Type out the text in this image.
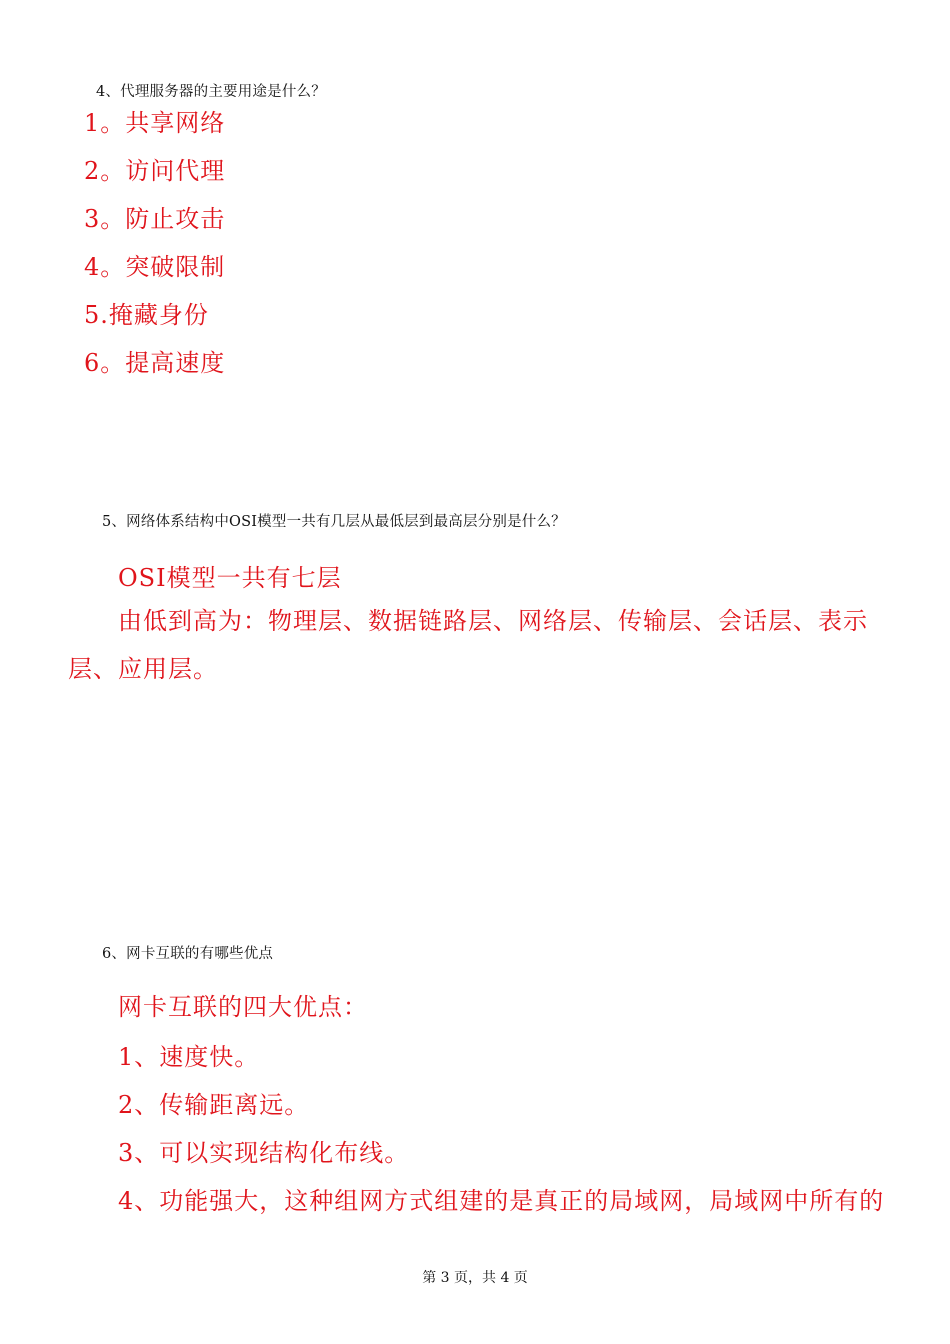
4、代理服务器的主要用途是什么？
1。共享网络
2。访问代理
3。防止攻击
4。突破限制
5.掩藏身份
6。提高速度
5、网络体系结构中OSI模型一共有几层从最低层到最高层分别是什么？
OSI模型一共有七层
由低到高为：物理层、数据链路层、网络层、传输层、会话层、表示层、应用层。
6、网卡互联的有哪些优点
网卡互联的四大优点：
1、速度快。
2、传输距离远。
3、可以实现结构化布线。
4、功能强大，这种组网方式组建的是真正的局域网，局域网中所有的
第 3 页，共 4 页
